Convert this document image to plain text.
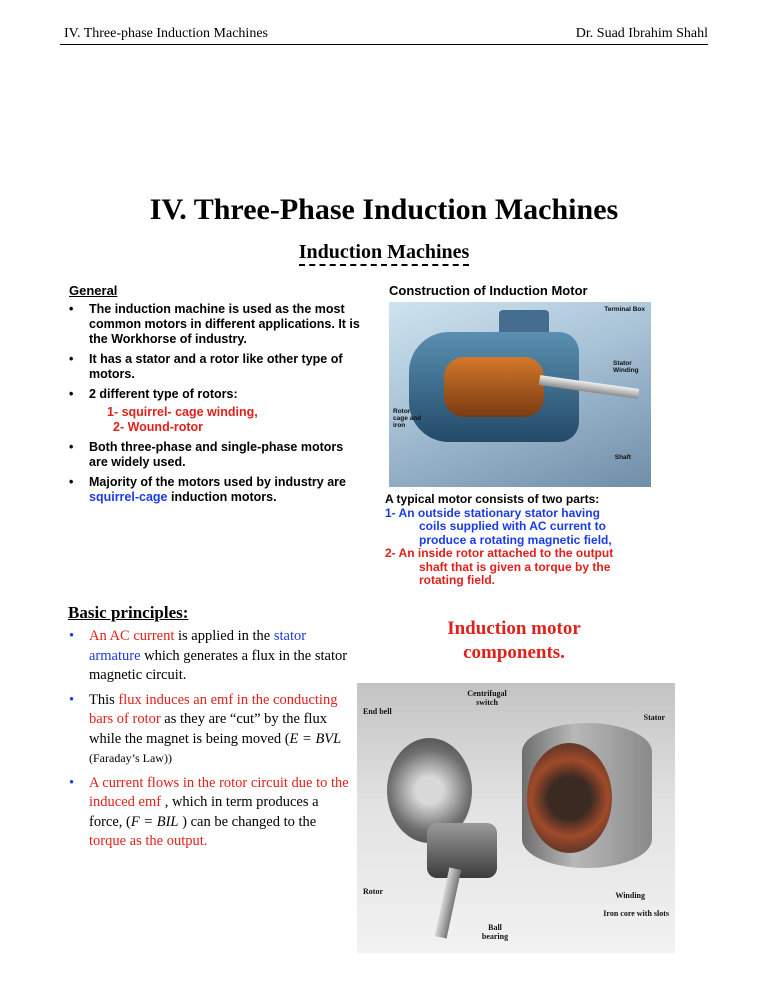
IV. Three-phase Induction Machines	Dr. Suad Ibrahim Shahl
IV. Three-Phase Induction Machines
Induction Machines
General
• The induction machine is used as the most common motors in different applications. It is the Workhorse of industry.
• It has a stator and a rotor like other type of motors.
• 2 different type of rotors:
1- squirrel- cage winding,
2- Wound-rotor
• Both three-phase and single-phase motors are widely used.
• Majority of the motors used by industry are squirrel-cage induction motors.
Construction of Induction Motor
Terminal Box
Stator Winding
Rotor cage and iron
Shaft
A typical motor consists of two parts:
1- An outside stationary stator having
coils supplied with AC current to
produce a rotating magnetic field,
2- An inside rotor attached to the output
shaft that is given a torque by the
rotating field.
Basic principles:
• An AC current is applied in the stator armature which generates a flux in the stator magnetic circuit.
• This flux induces an emf in the conducting bars of rotor as they are “cut” by the flux while the magnet is being moved (E = BVL (Faraday’s Law))
• A current flows in the rotor circuit due to the induced emf , which in term produces a force, (F = BIL ) can be changed to the torque as the output.
Induction motor
components.
Centrifugal switch
End bell
Stator
Rotor	Winding
Iron core with slots
Ball bearing
